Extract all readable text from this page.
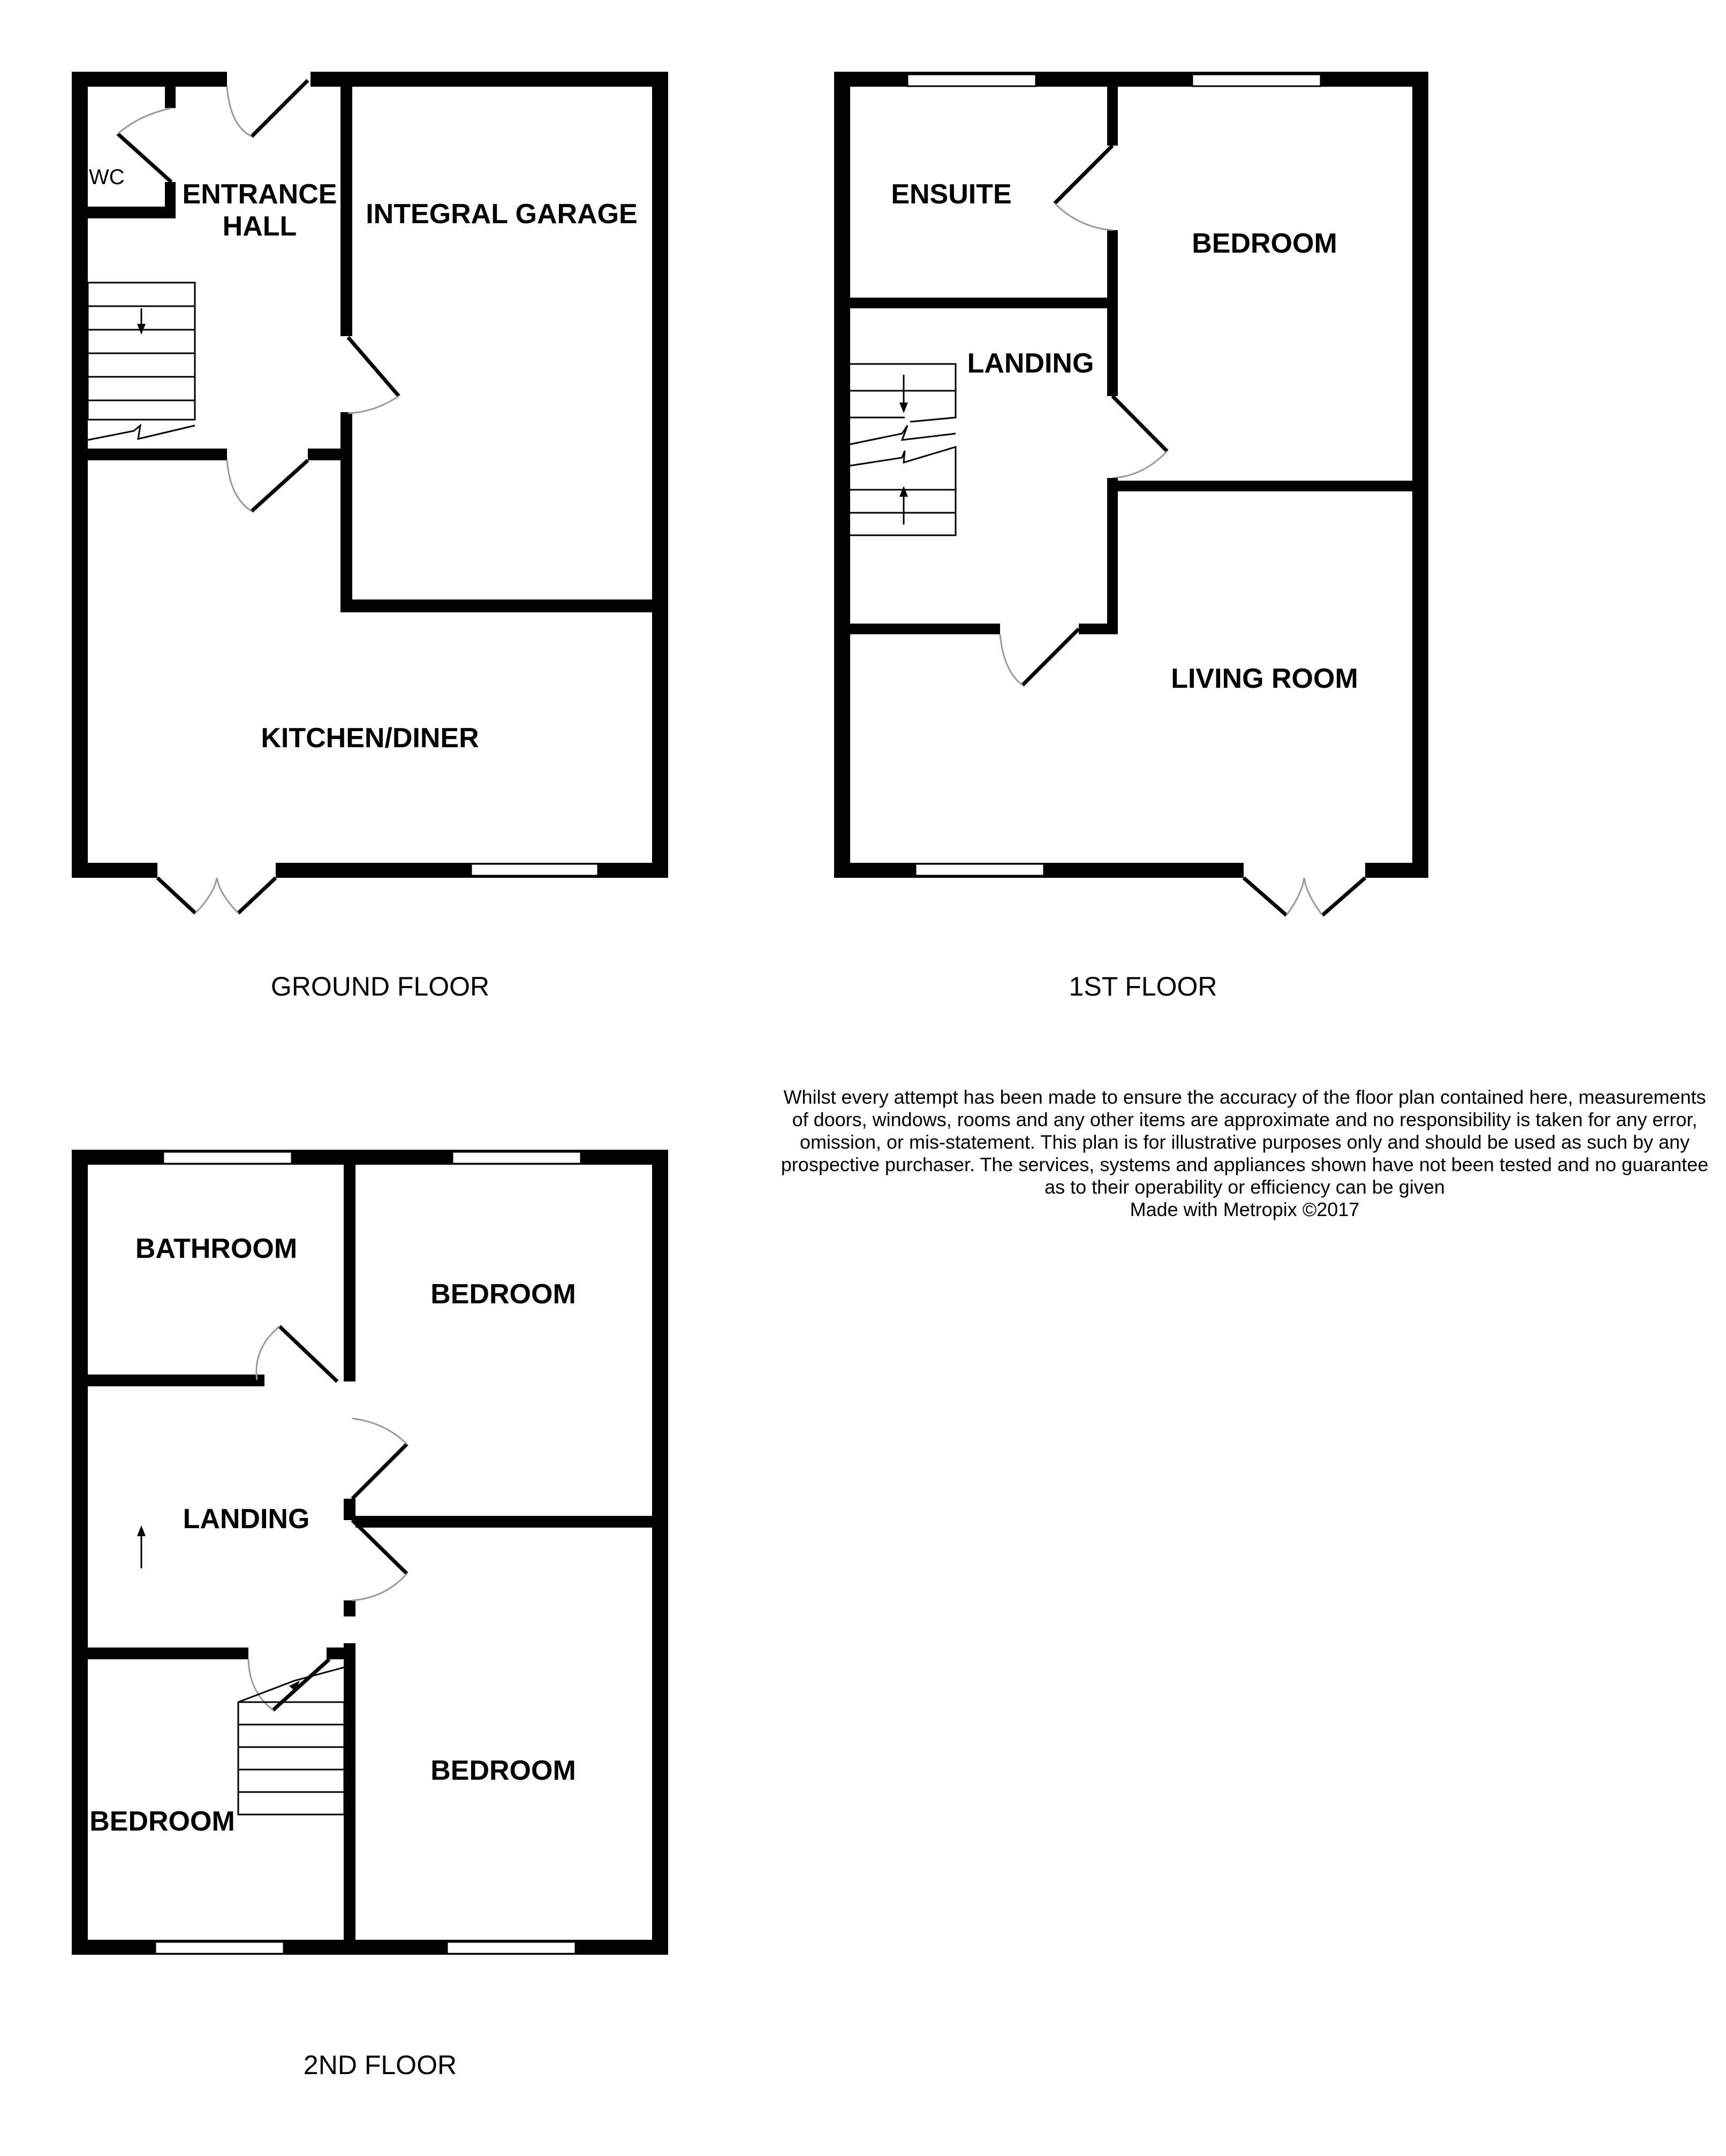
WC
ENTRANCE
HALL INTEGRAL GARAGE
KITCHEN/DINER
GROUND FLOOR
ENSUITE
BEDROOM
LANDING
LIVING ROOM
1ST FLOOR
Whilst every attempt has been made to ensure the accuracy of the floor plan contained here, measurements
of doors, windows, rooms and any other items are approximate and no responsibility is taken for any error,
omission, or mis-statement. This plan is for illustrative purposes only and should be used as such by any
prospective purchaser. The services, systems and appliances shown have not been tested and no guarantee
as to their operability or efficiency can be given
Made with Metropix ©2017
BATHROOM
BEDROOM
LANDING
BEDROOM
BEDROOM
2ND FLOOR
